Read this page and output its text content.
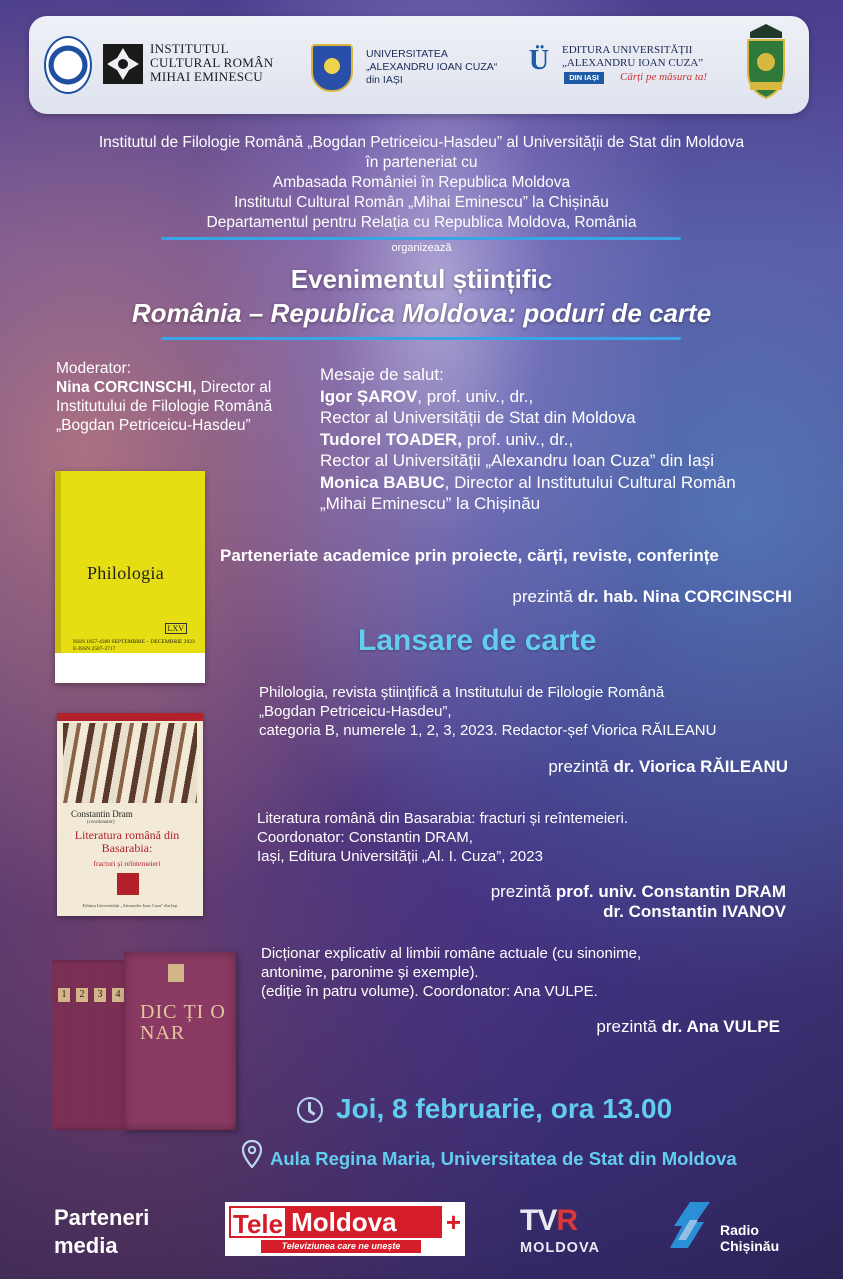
INSTITUTUL CULTURAL ROMÂN MIHAI EMINESCU
UNIVERSITATEA
„ALEXANDRU IOAN CUZA“
din IAȘI
Ü	EDITURA UNIVERSITĂȚII
„ALEXANDRU IOAN CUZA”
DIN IAȘI	Cărți pe măsura ta!
Institutul de Filologie Română „Bogdan Petriceicu-Hasdeu” al Universității de Stat din Moldova
în parteneriat cu
Ambasada României în Republica Moldova
Institutul Cultural Român „Mihai Eminescu” la Chișinău
Departamentul pentru Relația cu Republica Moldova, România
organizează
Evenimentul științific
România – Republica Moldova: poduri de carte
Moderator:
Nina CORCINSCHI, Director al Institutului de Filologie Română „Bogdan Petriceicu-Hasdeu”
Mesaje de salut:
Igor ȘAROV, prof. univ., dr.,
Rector al Universității de Stat din Moldova
Tudorel TOADER, prof. univ., dr.,
Rector al Universității „Alexandru Ioan Cuza” din Iași
Monica BABUC, Director al Institutului Cultural Român
„Mihai Eminescu” la Chișinău
Philologia
LXV
ISSN 1857-4300 SEPTEMBRIE – DECEMBRIE 2023
E-ISSN 2587-3717
Constantin Dram
(coordonator)
Literatura română din Basarabia:
fracturi și reîntemeieri
Editura Universității „Alexandru Ioan Cuza” din Iași
1	2	3	4
DIC ȚI O NAR
Parteneriate academice prin proiecte, cărți, reviste, conferințe
prezintă dr. hab. Nina CORCINSCHI
Lansare de carte
Philologia, revista științifică a Institutului de Filologie Română
„Bogdan Petriceicu-Hasdeu”,
categoria B, numerele 1, 2, 3, 2023. Redactor-șef Viorica RĂILEANU
prezintă dr. Viorica RĂILEANU
Literatura română din Basarabia: fracturi și reîntemeieri.
Coordonator: Constantin DRAM,
Iași, Editura Universității „Al. I. Cuza”, 2023
prezintă prof. univ. Constantin DRAM
dr. Constantin IVANOV
Dicționar explicativ al limbii române actuale (cu sinonime,
antonime, paronime și exemple).
(ediție în patru volume). Coordonator: Ana VULPE.
prezintă dr. Ana VULPE
Joi, 8 februarie, ora 13.00
Aula Regina Maria, Universitatea de Stat din Moldova
Parteneri
media
Tele Moldova	+
Televiziunea care ne unește
TVR
MOLDOVA
Radio
Chișinău
